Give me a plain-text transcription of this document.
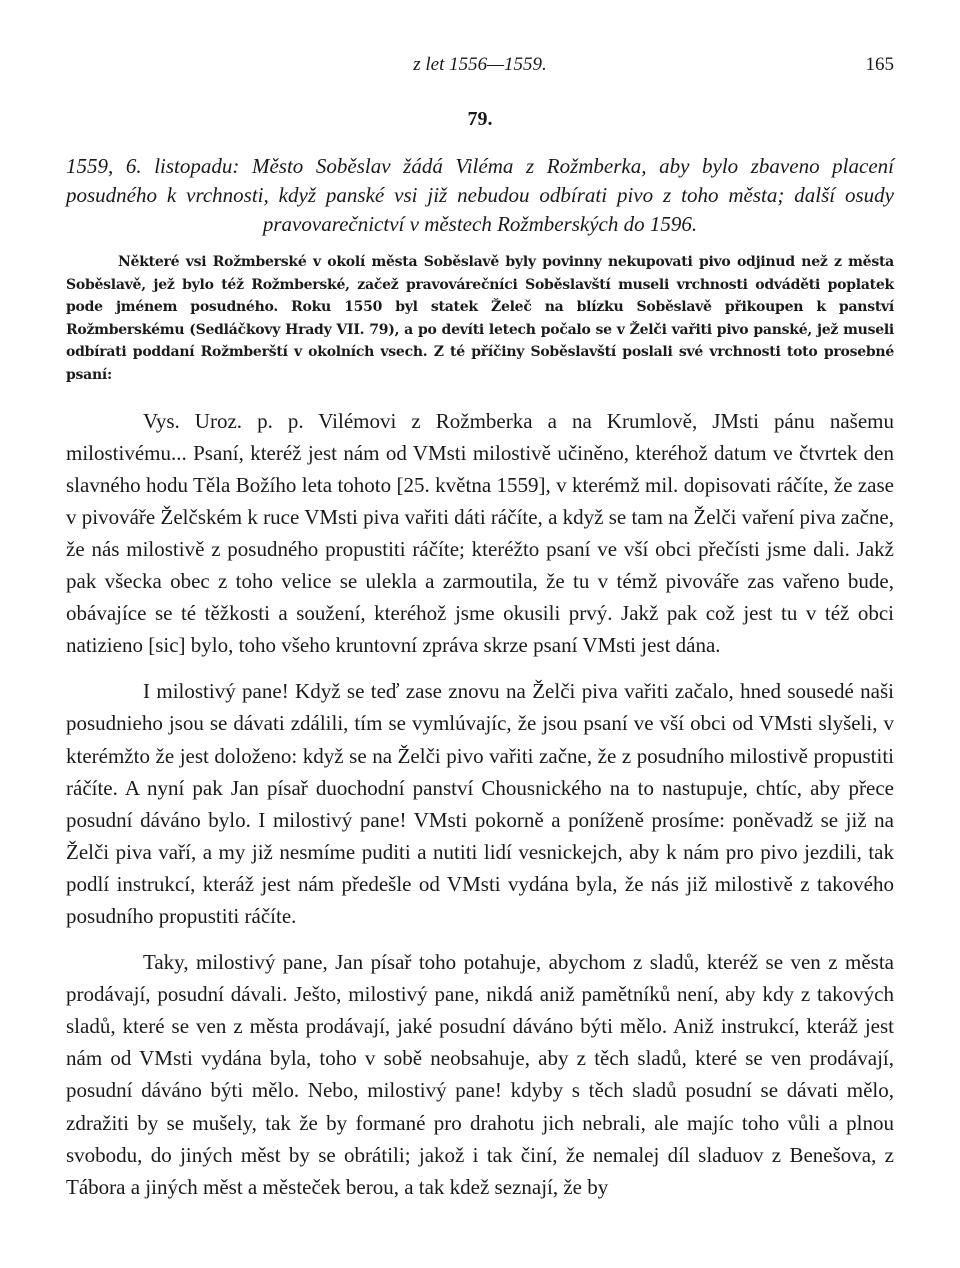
z let 1556—1559.	165
79.
1559, 6. listopadu: Město Soběslav žádá Viléma z Rožmberka, aby bylo zbaveno placení posudného k vrchnosti, když panské vsi již nebudou odbírati pivo z toho města; další osudy pravovarečnictví v městech Rožmberských do 1596.
Některé vsi Rožmberské v okolí města Soběslavě byly povinny nekupovati pivo odjinud než z města Soběslavě, jež bylo též Rožmberské, začež pravovárečníci Soběslavští museli vrchnosti odváděti poplatek pode jménem posudného. Roku 1550 byl statek Želeč na blízku Soběslavě přikoupen k panství Rožmberskému (Sedláčkovy Hrady VII. 79), a po devíti letech počalo se v Želči vařiti pivo panské, jež museli odbírati poddaní Rožmberští v okolních vsech. Z té příčiny Soběslavští poslali své vrchnosti toto prosebné psaní:

Vys. Uroz. p. p. Vilémovi z Rožmberka a na Krumlově, JMsti pánu našemu milostivému... Psaní, kteréž jest nám od VMsti milostivě učiněno, kteréhož datum ve čtvrtek den slavného hodu Těla Božího leta tohoto [25. května 1559], v kterémž mil. dopisovati ráčíte, že zase v pivováře Želčském k ruce VMsti piva vařiti dáti ráčíte, a když se tam na Želči vaření piva začne, že nás milostivě z posudného propustiti ráčíte; kteréžto psaní ve vší obci přečísti jsme dali. Jakž pak všecka obec z toho velice se ulekla a zarmoutila, že tu v témž pivováře zas vařeno bude, obávajíce se té těžkosti a soužení, kteréhož jsme okusili prvý. Jakž pak což jest tu v též obci natizieno [sic] bylo, toho všeho kruntovní zpráva skrze psaní VMsti jest dána.

I milostivý pane! Když se teď zase znovu na Želči piva vařiti začalo, hned sousedé naši posudnieho jsou se dávati zdálili, tím se vymlúvajíc, že jsou psaní ve vší obci od VMsti slyšeli, v kterémžto že jest doloženo: když se na Želči pivo vařiti začne, že z posudního milostivě propustiti ráčíte. A nyní pak Jan písař duochodní panství Chousnického na to nastupuje, chtíc, aby přece posudní dáváno bylo. I milostivý pane! VMsti pokorně a poníženě prosíme: poněvadž se již na Želči piva vaří, a my již nesmíme puditi a nutiti lidí vesnickejch, aby k nám pro pivo jezdili, tak podlí instrukcí, kteráž jest nám předešle od VMsti vydána byla, že nás již milostivě z takového posudního propustiti ráčíte.

Taky, milostivý pane, Jan písař toho potahuje, abychom z sladů, kteréž se ven z města prodávají, posudní dávali. Ješto, milostivý pane, nikdá aniž pamětníků není, aby kdy z takových sladů, které se ven z města prodávají, jaké posudní dáváno býti mělo. Aniž instrukcí, kteráž jest nám od VMsti vydána byla, toho v sobě neobsahuje, aby z těch sladů, které se ven prodávají, posudní dáváno býti mělo. Nebo, milostivý pane! kdyby s těch sladů posudní se dávati mělo, zdražiti by se mušely, tak že by formané pro drahotu jich nebrali, ale majíc toho vůli a plnou svobodu, do jiných měst by se obrátili; jakož i tak činí, že nemalej díl sladuov z Benešova, z Tábora a jiných měst a městeček berou, a tak kdež seznají, že by
